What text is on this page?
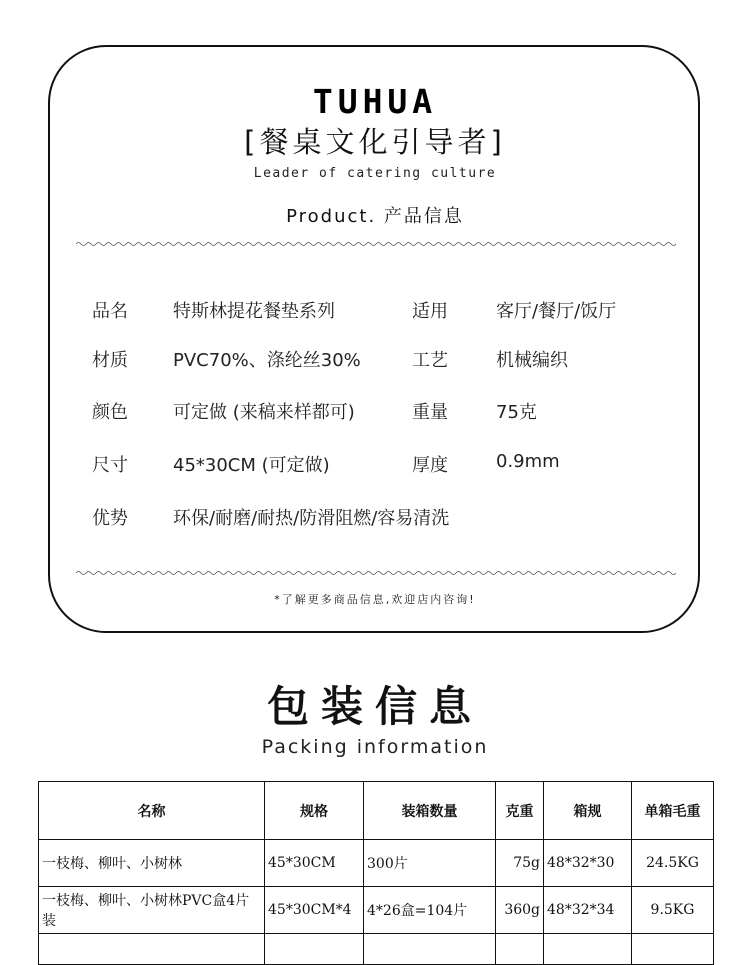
TUHUA
[餐桌文化引导者]
Leader of catering culture
Product. 产品信息
品名	特斯林提花餐垫系列	适用	客厅/餐厅/饭厅
材质	PVC70%、涤纶丝30%	工艺	机械编织
颜色	可定做 (来稿来样都可)	重量	75克
尺寸	45*30CM (可定做)	厚度	0.9mm
优势	环保/耐磨/耐热/防滑阻燃/容易清洗
*了解更多商品信息,欢迎店内咨询!
包装信息
Packing information
名称	规格	装箱数量	克重	箱规	单箱毛重
一枝梅、柳叶、小树林	45*30CM	300片	75g	48*32*30	24.5KG
一枝梅、柳叶、小树林PVC盒4片装	45*30CM*4	4*26盒=104片	360g	48*32*34	9.5KG
